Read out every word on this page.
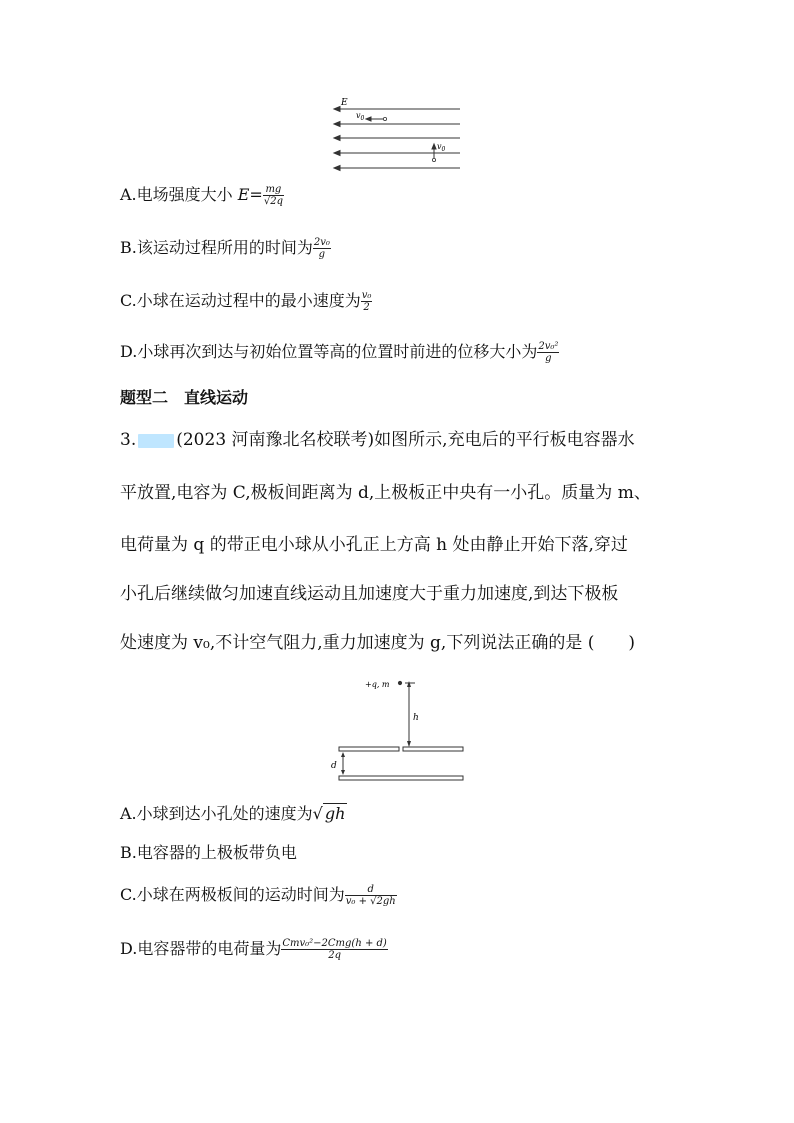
E
$v_0$
$v_0$
A.电场强度大小 $E= \frac{mg}{√2q}$
B.该运动过程所用的时间为 $\frac{\text{2v₀}}{g}$
C.小球在运动过程中的最小速度为 $\frac{\text{v₀}}{2}$
D.小球再次到达与初始位置等高的位置时前进的位移大小为 $\frac{\text{2v₀²}}{g}$
题型二　直线运动
3. (2023 河南豫北名校联考)如图所示,充电后的平行板电容器水
平放置,电容为 C,极板间距离为 d,上极板正中央有一小孔。质量为 m、
电荷量为 q 的带正电小球从小孔正上方高 h 处由静止开始下落,穿过
小孔后继续做匀加速直线运动且加速度大于重力加速度,到达下极板
处速度为 v₀,不计空气阻力,重力加速度为 g,下列说法正确的是 (　　)
+q, m
h
d
A.小球到达小孔处的速度为√ gh
B.电容器的上极板带负电
C.小球在两极板间的运动时间为 $\frac{d}{\text{v₀ + √2gh}}$
D.电容器带的电荷量为 $\frac{\text{Cmv₀²−2Cmg(h + d)}}{2q}$
